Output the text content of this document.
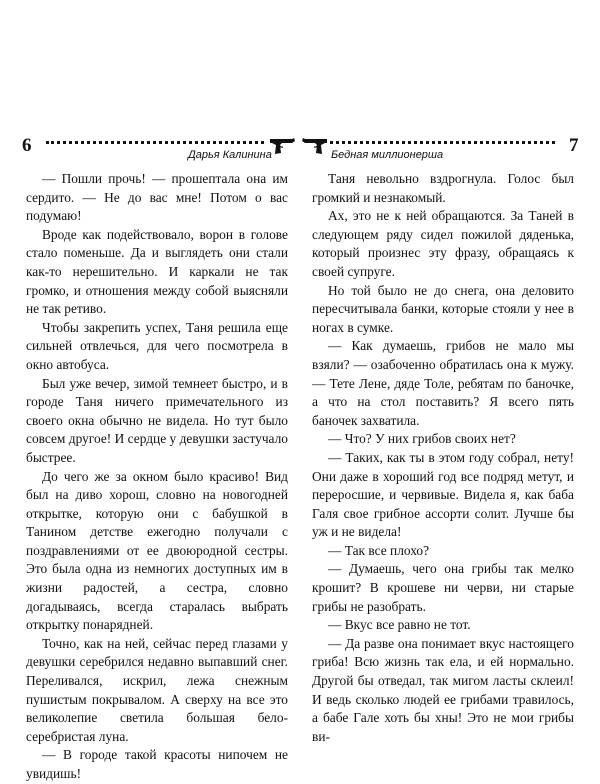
6	Дарья Калинина	Бедная миллионерша	7

— Пошли прочь! — прошептала она им сердито. — Не до вас мне! Потом о вас подумаю!

Вроде как подействовало, ворон в голове стало поменьше. Да и выглядеть они стали как-то нерешительно. И каркали не так громко, и отношения между собой выясняли не так ретиво.

Чтобы закрепить успех, Таня решила еще сильней отвлечься, для чего посмотрела в окно автобуса.

Был уже вечер, зимой темнеет быстро, и в городе Таня ничего примечательного из своего окна обычно не видела. Но тут было совсем другое! И сердце у девушки застучало быстрее.

До чего же за окном было красиво! Вид был на диво хорош, словно на новогодней открытке, которую они с бабушкой в Танином детстве ежегодно получали с поздравлениями от ее двоюродной сестры. Это была одна из немногих доступных им в жизни радостей, а сестра, словно догадываясь, всегда старалась выбрать открытку понарядней.

Точно, как на ней, сейчас перед глазами у девушки серебрился недавно выпавший снег. Переливался, искрил, лежа снежным пушистым покрывалом. А сверху на все это великолепие светила большая бело-серебристая луна.

— В городе такой красоты нипочем не увидишь!

Таня невольно вздрогнула. Голос был громкий и незнакомый.

Ах, это не к ней обращаются. За Таней в следующем ряду сидел пожилой дяденька, который произнес эту фразу, обращаясь к своей супруге.

Но той было не до снега, она деловито пересчитывала банки, которые стояли у нее в ногах в сумке.

— Как думаешь, грибов не мало мы взяли? — озабоченно обратилась она к мужу. — Тете Лене, дяде Толе, ребятам по баночке, а что на стол поставить? Я всего пять баночек захватила.

— Что? У них грибов своих нет?

— Таких, как ты в этом году собрал, нету! Они даже в хороший год все подряд метут, и переросшие, и червивые. Видела я, как баба Галя свое грибное ассорти солит. Лучше бы уж и не видела!

— Так все плохо?

— Думаешь, чего она грибы так мелко крошит? В крошеве ни черви, ни старые грибы не разобрать.

— Вкус все равно не тот.

— Да разве она понимает вкус настоящего гриба! Всю жизнь так ела, и ей нормально. Другой бы отведал, так мигом ласты склеил! И ведь сколько людей ее грибами травилось, а бабе Гале хоть бы хны! Это не мои грибы ви-
